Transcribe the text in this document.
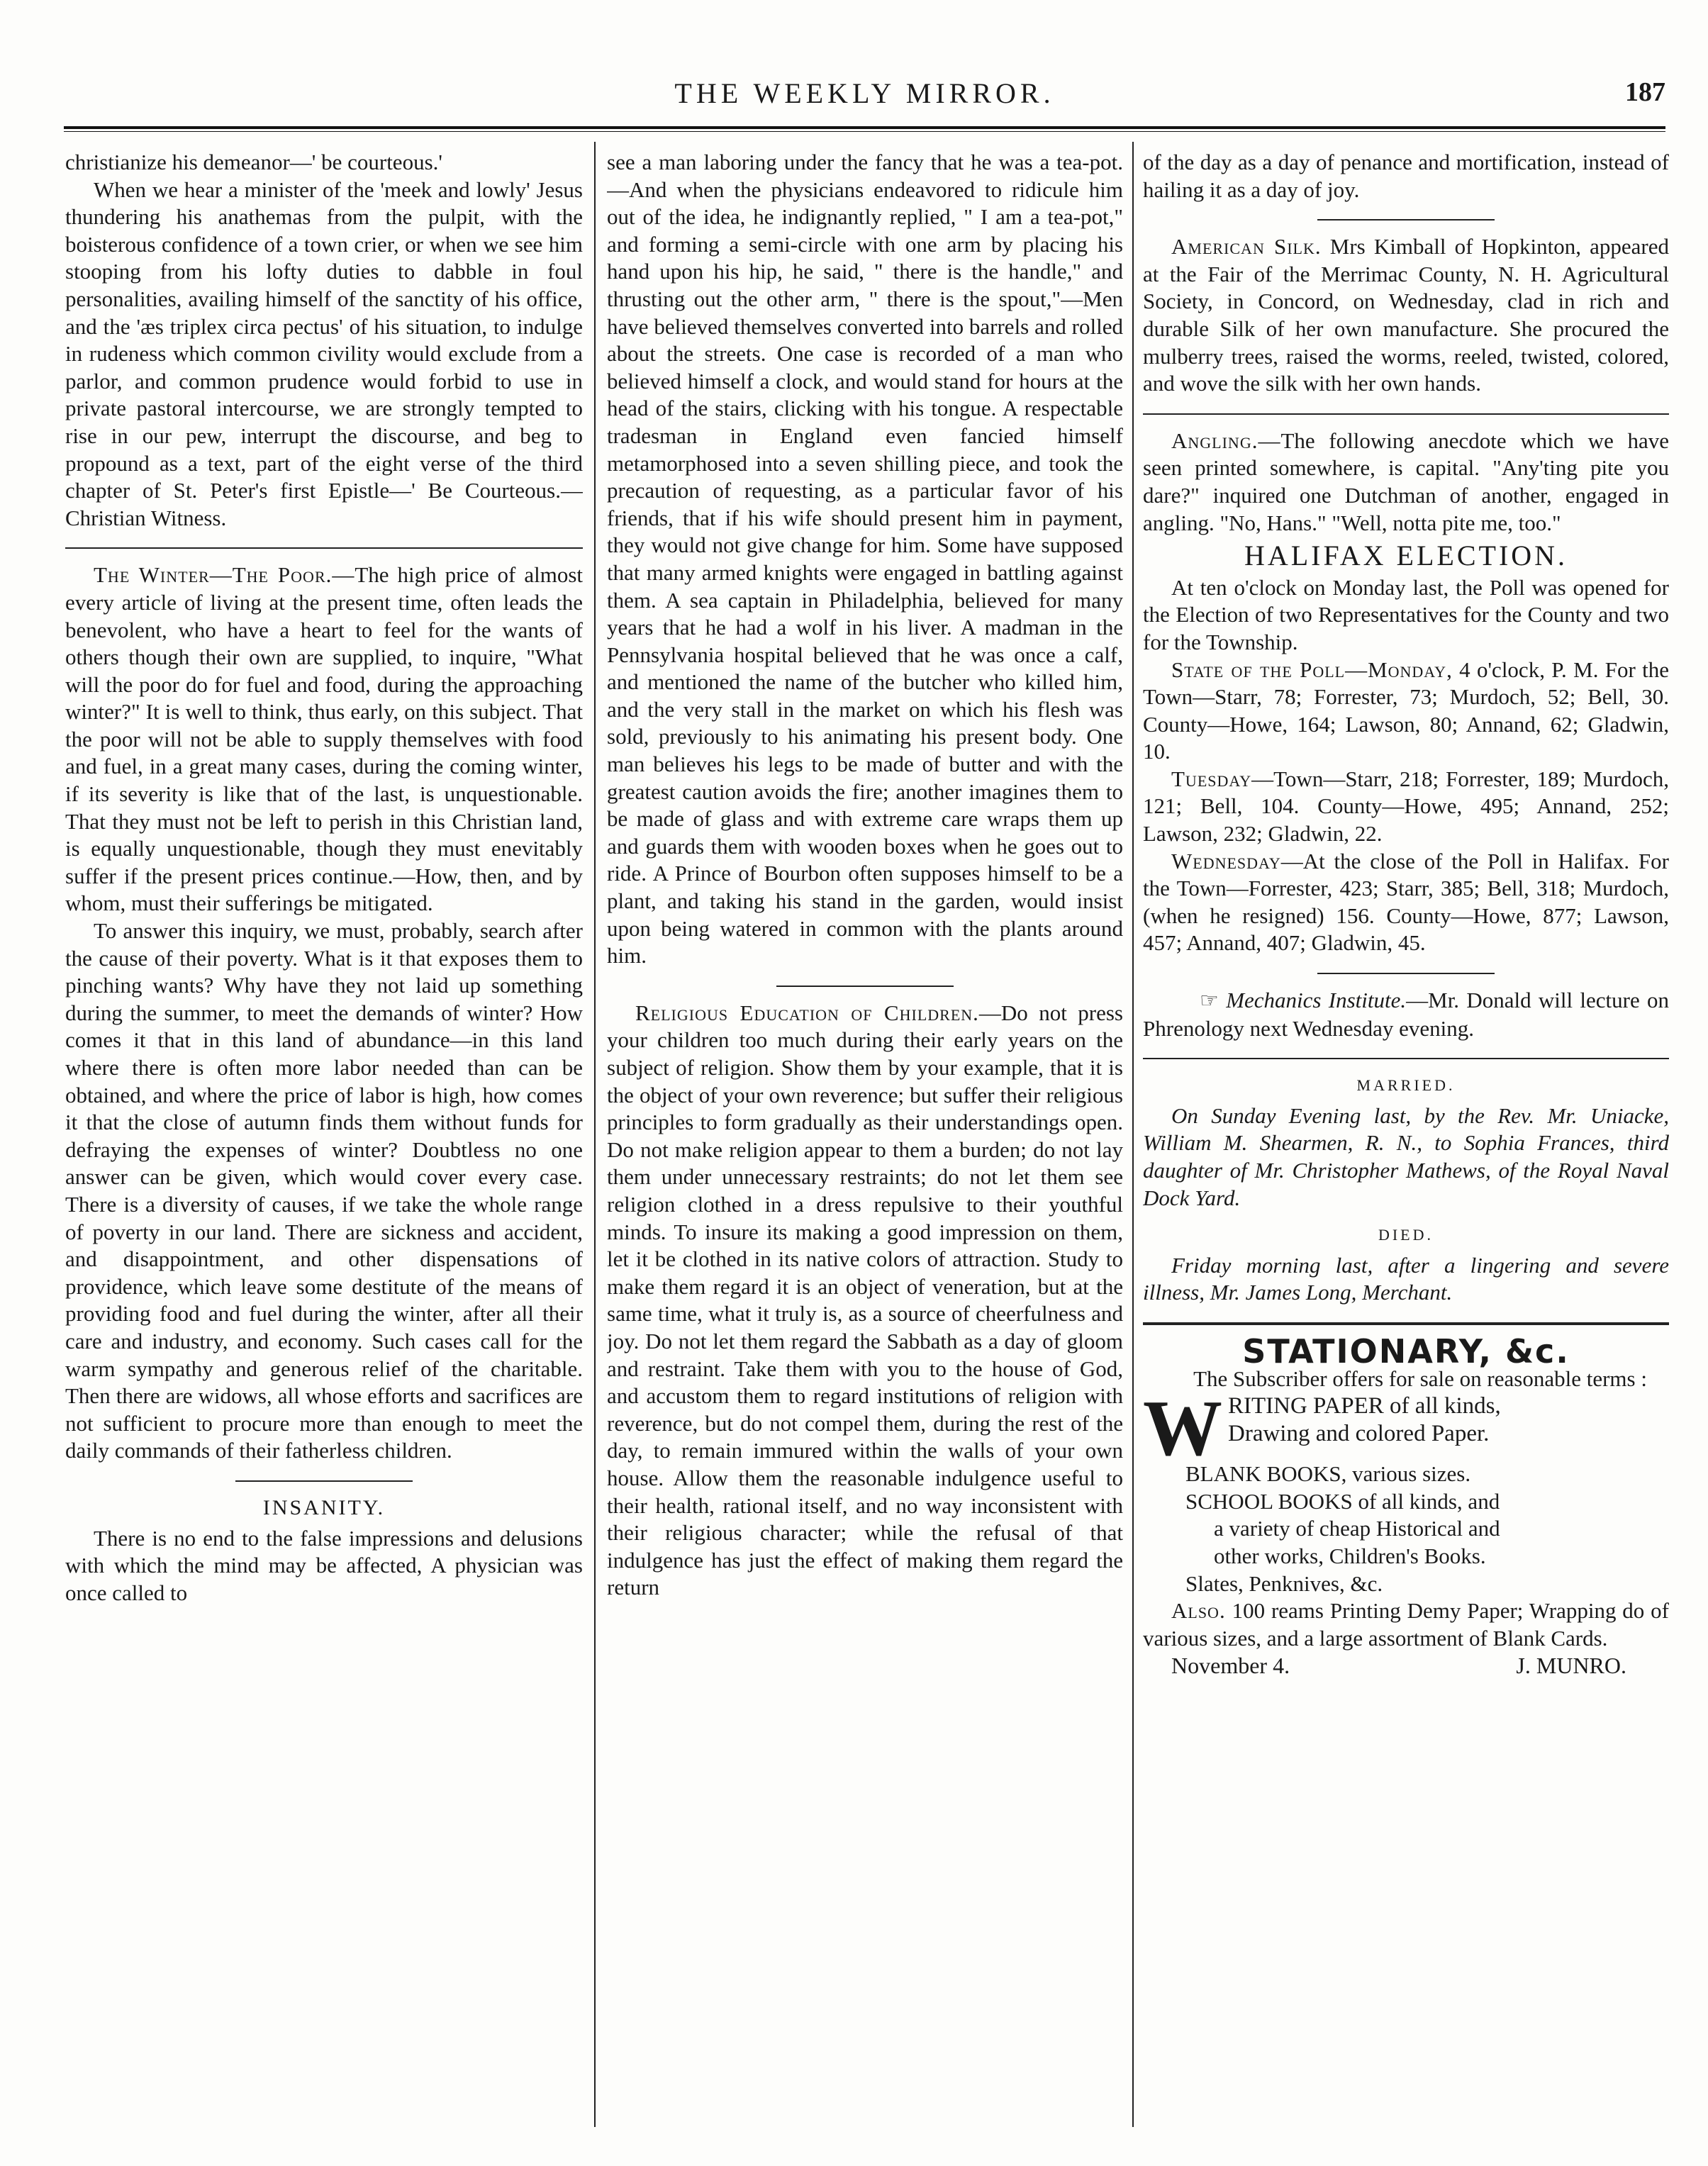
THE WEEKLY MIRROR.	187

christianize his demeanor—' be courteous.'

When we hear a minister of the 'meek and lowly' Jesus thundering his anathemas from the pulpit, with the boisterous confidence of a town crier, or when we see him stooping from his lofty duties to dabble in foul personalities, availing himself of the sanctity of his office, and the 'æs triplex circa pectus' of his situation, to indulge in rudeness which common civility would exclude from a parlor, and common prudence would forbid to use in private pastoral intercourse, we are strongly tempted to rise in our pew, interrupt the discourse, and beg to propound as a text, part of the eight verse of the third chapter of St. Peter's first Epistle—' Be Courteous.—Christian Witness.

The Winter—The Poor.—The high price of almost every article of living at the present time, often leads the benevolent, who have a heart to feel for the wants of others though their own are supplied, to inquire, "What will the poor do for fuel and food, during the approaching winter?" It is well to think, thus early, on this subject. That the poor will not be able to supply themselves with food and fuel, in a great many cases, during the coming winter, if its severity is like that of the last, is unquestionable. That they must not be left to perish in this Christian land, is equally unquestionable, though they must enevitably suffer if the present prices continue.—How, then, and by whom, must their sufferings be mitigated.

To answer this inquiry, we must, probably, search after the cause of their poverty. What is it that exposes them to pinching wants? Why have they not laid up something during the summer, to meet the demands of winter? How comes it that in this land of abundance—in this land where there is often more labor needed than can be obtained, and where the price of labor is high, how comes it that the close of autumn finds them without funds for defraying the expenses of winter? Doubtless no one answer can be given, which would cover every case. There is a diversity of causes, if we take the whole range of poverty in our land. There are sickness and accident, and disappointment, and other dispensations of providence, which leave some destitute of the means of providing food and fuel during the winter, after all their care and industry, and economy. Such cases call for the warm sympathy and generous relief of the charitable. Then there are widows, all whose efforts and sacrifices are not sufficient to procure more than enough to meet the daily commands of their fatherless children.

INSANITY.

There is no end to the false impressions and delusions with which the mind may be affected, A physician was once called to

see a man laboring under the fancy that he was a tea-pot.—And when the physicians endeavored to ridicule him out of the idea, he indignantly replied, " I am a tea-pot," and forming a semi-circle with one arm by placing his hand upon his hip, he said, " there is the handle," and thrusting out the other arm, " there is the spout,"—Men have believed themselves converted into barrels and rolled about the streets. One case is recorded of a man who believed himself a clock, and would stand for hours at the head of the stairs, clicking with his tongue. A respectable tradesman in England even fancied himself metamorphosed into a seven shilling piece, and took the precaution of requesting, as a particular favor of his friends, that if his wife should present him in payment, they would not give change for him. Some have supposed that many armed knights were engaged in battling against them. A sea captain in Philadelphia, believed for many years that he had a wolf in his liver. A madman in the Pennsylvania hospital believed that he was once a calf, and mentioned the name of the butcher who killed him, and the very stall in the market on which his flesh was sold, previously to his animating his present body. One man believes his legs to be made of butter and with the greatest caution avoids the fire; another imagines them to be made of glass and with extreme care wraps them up and guards them with wooden boxes when he goes out to ride. A Prince of Bourbon often supposes himself to be a plant, and taking his stand in the garden, would insist upon being watered in common with the plants around him.

Religious Education of Children.—Do not press your children too much during their early years on the subject of religion. Show them by your example, that it is the object of your own reverence; but suffer their religious principles to form gradually as their understandings open. Do not make religion appear to them a burden; do not lay them under unnecessary restraints; do not let them see religion clothed in a dress repulsive to their youthful minds. To insure its making a good impression on them, let it be clothed in its native colors of attraction. Study to make them regard it is an object of veneration, but at the same time, what it truly is, as a source of cheerfulness and joy. Do not let them regard the Sabbath as a day of gloom and restraint. Take them with you to the house of God, and accustom them to regard institutions of religion with reverence, but do not compel them, during the rest of the day, to remain immured within the walls of your own house. Allow them the reasonable indulgence useful to their health, rational itself, and no way inconsistent with their religious character; while the refusal of that indulgence has just the effect of making them regard the return

of the day as a day of penance and mortification, instead of hailing it as a day of joy.

American Silk. Mrs Kimball of Hopkinton, appeared at the Fair of the Merrimac County, N. H. Agricultural Society, in Concord, on Wednesday, clad in rich and durable Silk of her own manufacture. She procured the mulberry trees, raised the worms, reeled, twisted, colored, and wove the silk with her own hands.

Angling.—The following anecdote which we have seen printed somewhere, is capital. "Any'ting pite you dare?" inquired one Dutchman of another, engaged in angling. "No, Hans." "Well, notta pite me, too."

HALIFAX ELECTION.

At ten o'clock on Monday last, the Poll was opened for the Election of two Representatives for the County and two for the Township.

State of the Poll—Monday, 4 o'clock, P. M. For the Town—Starr, 78; Forrester, 73; Murdoch, 52; Bell, 30. County—Howe, 164; Lawson, 80; Annand, 62; Gladwin, 10.

Tuesday—Town—Starr, 218; Forrester, 189; Murdoch, 121; Bell, 104. County—Howe, 495; Annand, 252; Lawson, 232; Gladwin, 22.

Wednesday—At the close of the Poll in Halifax. For the Town—Forrester, 423; Starr, 385; Bell, 318; Murdoch, (when he resigned) 156. County—Howe, 877; Lawson, 457; Annand, 407; Gladwin, 45.

☞ Mechanics Institute.—Mr. Donald will lecture on Phrenology next Wednesday evening.

MARRIED.

On Sunday Evening last, by the Rev. Mr. Uniacke, William M. Shearmen, R. N., to Sophia Frances, third daughter of Mr. Christopher Mathews, of the Royal Naval Dock Yard.

DIED.

Friday morning last, after a lingering and severe illness, Mr. James Long, Merchant.

STATIONARY, &c.

The Subscriber offers for sale on reasonable terms :

W RITING PAPER of all kinds,
Drawing and colored Paper.
BLANK BOOKS, various sizes.
SCHOOL BOOKS of all kinds, and
a variety of cheap Historical and
other works, Children's Books.
Slates, Penknives, &c.

Also. 100 reams Printing Demy Paper; Wrapping do of various sizes, and a large assortment of Blank Cards.

November 4.	J. MUNRO.
